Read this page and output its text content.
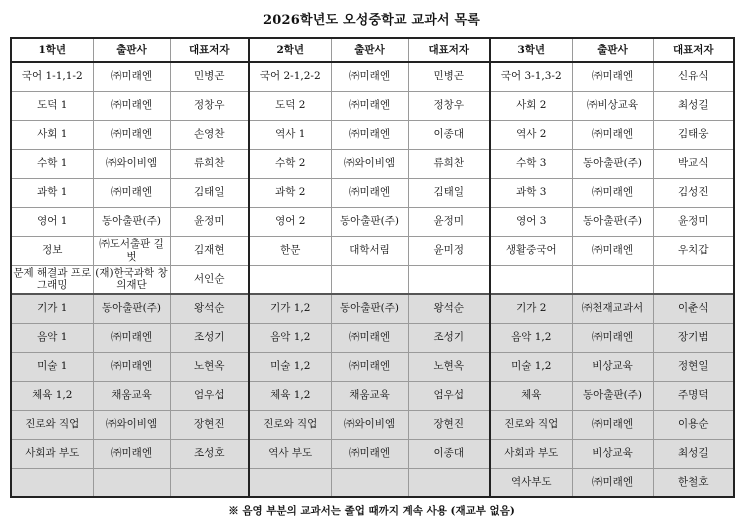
2026학년도 오성중학교 교과서 목록
1학년	출판사	대표저자	2학년	출판사	대표저자	3학년	출판사	대표저자
국어 1-1,1-2	㈜미래엔	민병곤	국어 2-1,2-2	㈜미래엔	민병곤	국어 3-1,3-2	㈜미래엔	신유식
도덕 1	㈜미래엔	정창우	도덕 2	㈜미래엔	정창우	사회 2	㈜비상교육	최성길
사회 1	㈜미래엔	손영찬	역사 1	㈜미래엔	이종대	역사 2	㈜미래엔	김태웅
수학 1	㈜와이비엠	류희찬	수학 2	㈜와이비엠	류희찬	수학 3	동아출판(주)	박교식
과학 1	㈜미래엔	김태일	과학 2	㈜미래엔	김태일	과학 3	㈜미래엔	김성진
영어 1	동아출판(주)	윤정미	영어 2	동아출판(주)	윤정미	영어 3	동아출판(주)	윤정미
정보	㈜도서출판 길벗	김재현	한문	대학서림	윤미정	생활중국어	㈜미래엔	우치갑
문제 해결과 프로그래밍	(재)한국과학 창의재단	서인순						
기가 1	동아출판(주)	왕석순	기가 1,2	동아출판(주)	왕석순	기가 2	㈜천재교과서	이춘식
음악 1	㈜미래엔	조성기	음악 1,2	㈜미래엔	조성기	음악 1,2	㈜미래엔	장기범
미술 1	㈜미래엔	노현옥	미술 1,2	㈜미래엔	노현옥	미술 1,2	비상교육	정현일
체육 1,2	채움교육	엄우섭	체육 1,2	채움교육	엄우섭	체육	동아출판(주)	주명덕
진로와 직업	㈜와이비엠	장현진	진로와 직업	㈜와이비엠	장현진	진로와 직업	㈜미래엔	이용순
사회과 부도	㈜미래엔	조성호	역사 부도	㈜미래엔	이종대	사회과 부도	비상교육	최성길
						역사부도	㈜미래엔	한철호
※ 음영 부분의 교과서는 졸업 때까지 계속 사용 (재교부 없음)
